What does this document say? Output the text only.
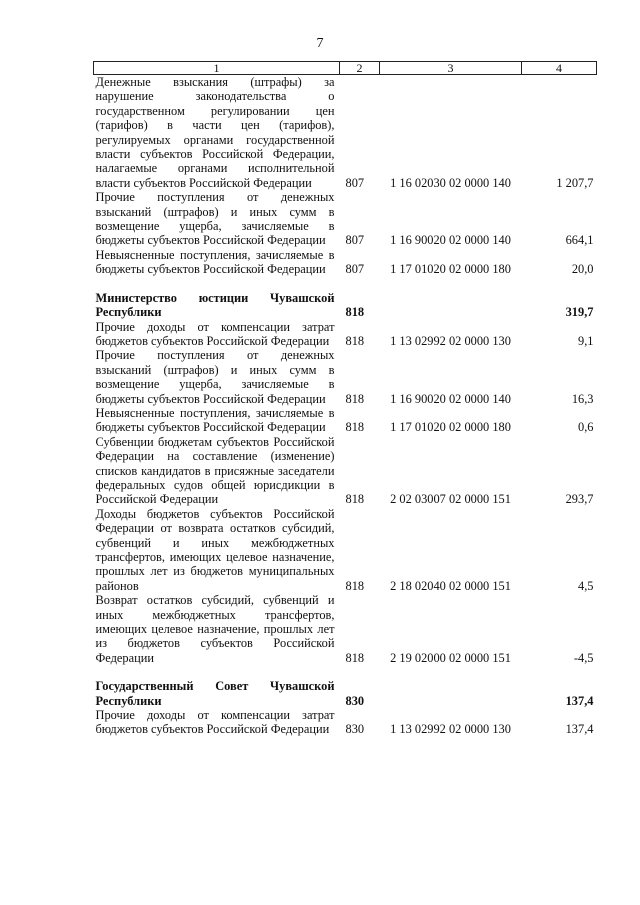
7
1	2	3	4
Денежные взыскания (штрафы) за нарушение законодательства о государственном регулировании цен (тарифов) в части цен (тарифов), регулируемых органами государственной власти субъектов Российской Федерации, налагаемые органами исполнительной власти субъектов Российской Федерации	807	1 16 02030 02 0000 140	1 207,7
Прочие поступления от денежных взысканий (штрафов) и иных сумм в возмещение ущерба, зачисляемые в бюджеты субъектов Российской Федерации	807	1 16 90020 02 0000 140	664,1
Невыясненные поступления, зачисляемые в бюджеты субъектов Российской Федерации	807	1 17 01020 02 0000 180	20,0

Министерство юстиции Чувашской Республики	818		319,7
Прочие доходы от компенсации затрат бюджетов субъектов Российской Федерации	818	1 13 02992 02 0000 130	9,1
Прочие поступления от денежных взысканий (штрафов) и иных сумм в возмещение ущерба, зачисляемые в бюджеты субъектов Российской Федерации	818	1 16 90020 02 0000 140	16,3
Невыясненные поступления, зачисляемые в бюджеты субъектов Российской Федерации	818	1 17 01020 02 0000 180	0,6
Субвенции бюджетам субъектов Российской Федерации на составление (изменение) списков кандидатов в присяжные заседатели федеральных судов общей юрисдикции в Российской Федерации	818	2 02 03007 02 0000 151	293,7
Доходы бюджетов субъектов Российской Федерации от возврата остатков субсидий, субвенций и иных межбюджетных трансфертов, имеющих целевое назначение, прошлых лет из бюджетов муниципальных районов	818	2 18 02040 02 0000 151	4,5
Возврат остатков субсидий, субвенций и иных межбюджетных трансфертов, имеющих целевое назначение, прошлых лет из бюджетов субъектов Российской Федерации	818	2 19 02000 02 0000 151	-4,5

Государственный Совет Чувашской Республики	830		137,4
Прочие доходы от компенсации затрат бюджетов субъектов Российской Федерации	830	1 13 02992 02 0000 130	137,4
